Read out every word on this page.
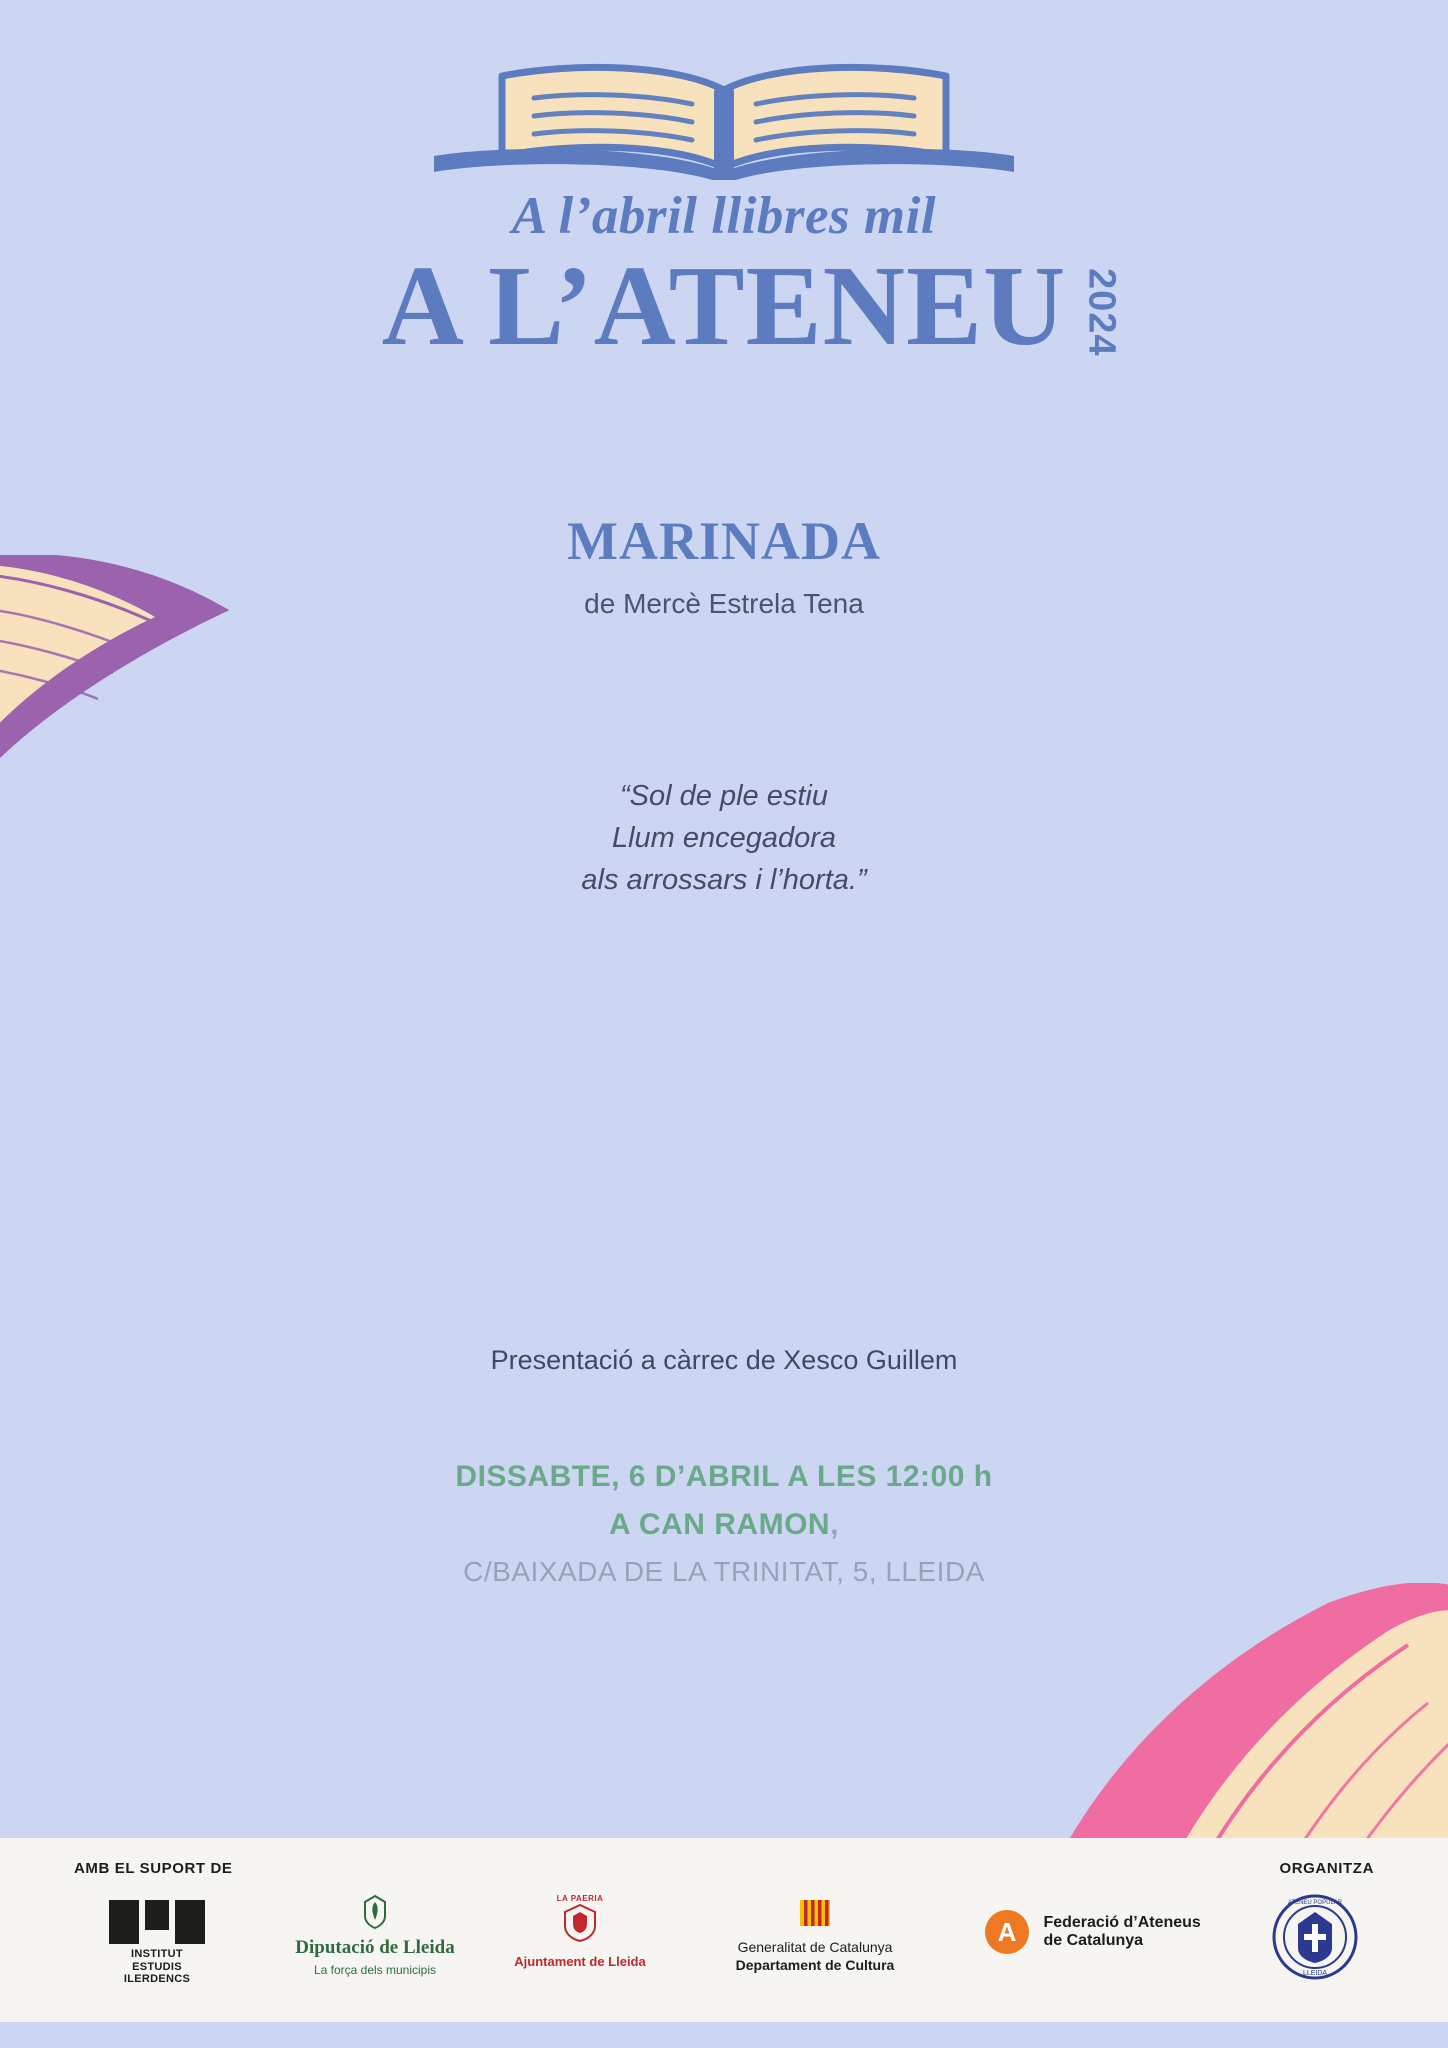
A l’abril llibres mil
A L’ATENEU 2024
MARINADA
de Mercè Estrela Tena
“Sol de ple estiu
Llum encegadora
als arrossars i l’horta.”
Presentació a càrrec de Xesco Guillem
DISSABTE, 6 D’ABRIL A LES 12:00 h
A CAN RAMON,
C/BAIXADA DE LA TRINITAT, 5, LLEIDA
AMB EL SUPORT DE	ORGANITZA
INSTITUT
ESTUDIS
ILERDENCS
Diputació de Lleida
La força dels municipis
LA PAERIA
Ajuntament de Lleida
Generalitat de Catalunya
Departament de Cultura
A Federació d’Ateneus
de Catalunya
ATENEU POPULAR
LLEIDA
